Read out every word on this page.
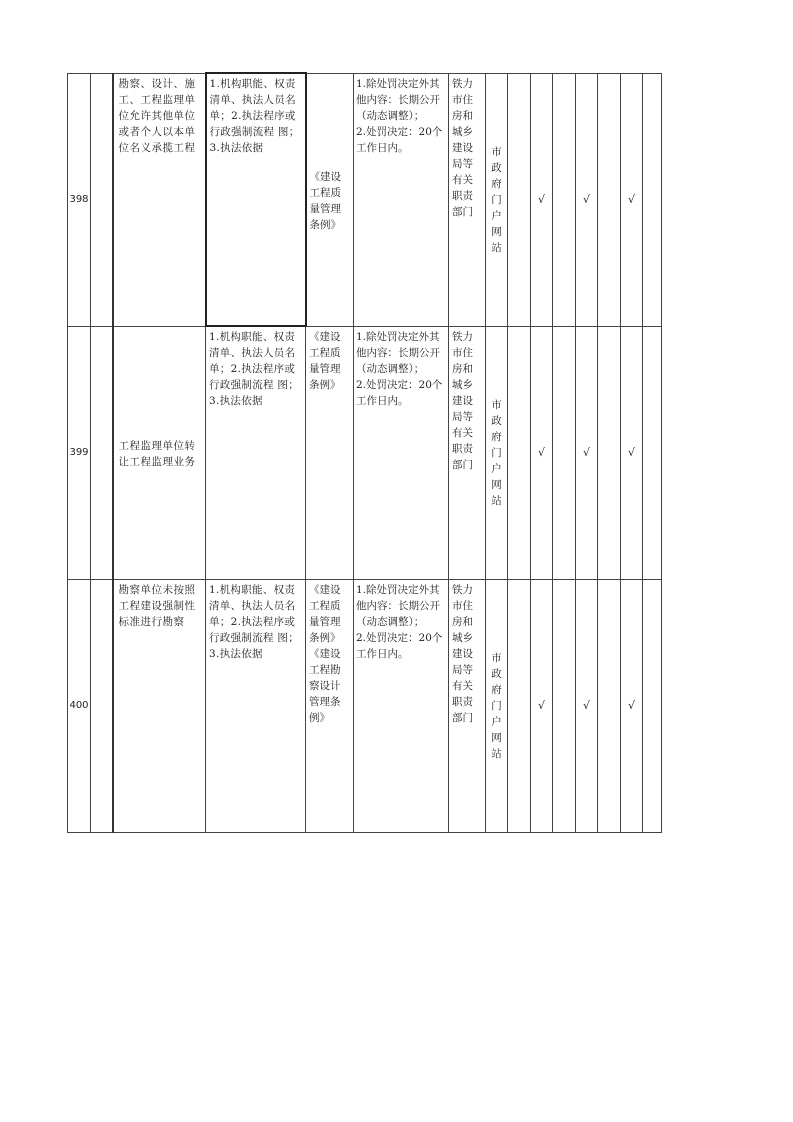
398		勘察、设计、施工、工程监理单位允许其他单位或者个人以本单位名义承揽工程	1.机构职能、权责清单、执法人员名单；2.执法程序或行政强制流程 图；3.执法依据	《建设工程质量管理条例》	1.除处罚决定外其他内容：长期公开（动态调整）；
2.处罚决定：20个工作日内。	铁力市住房和城乡建设局等有关职责部门	市政府门户网站		√		√		√	
399		工程监理单位转让工程监理业务	1.机构职能、权责清单、执法人员名单；2.执法程序或行政强制流程 图；3.执法依据	《建设工程质量管理条例》	1.除处罚决定外其他内容：长期公开（动态调整）；
2.处罚决定：20个工作日内。	铁力市住房和城乡建设局等有关职责部门	市政府门户网站		√		√		√	
400		勘察单位未按照工程建设强制性标准进行勘察	1.机构职能、权责清单、执法人员名单；2.执法程序或行政强制流程 图；3.执法依据	《建设工程质量管理条例》《建设工程勘察设计管理条例》	1.除处罚决定外其他内容：长期公开（动态调整）；
2.处罚决定：20个工作日内。	铁力市住房和城乡建设局等有关职责部门	市政府门户网站		√		√		√	
